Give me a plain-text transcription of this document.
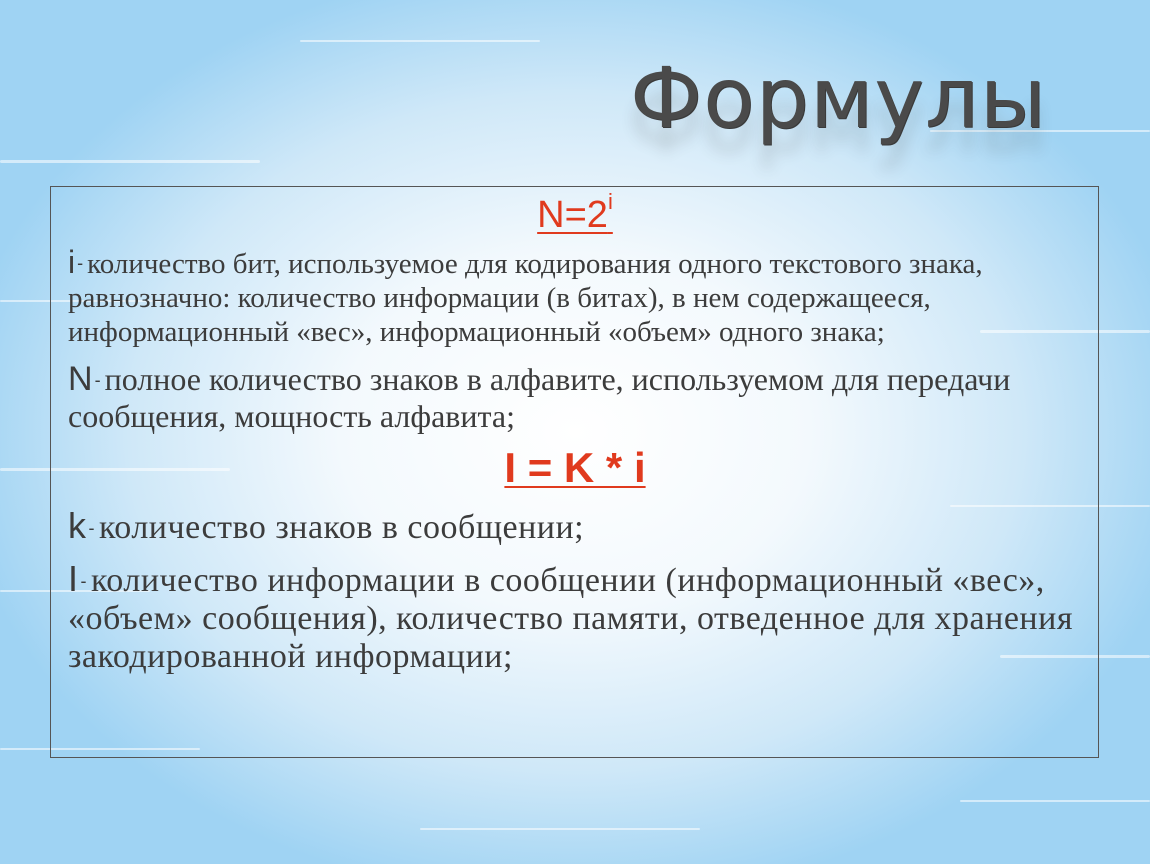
Формулы

$N=2^i$

i - количество бит, используемое для кодирования одного текстового знака, равнозначно: количество информации (в битах), в нем содержащееся, информационный «вес», информационный «объем» одного знака;

N - полное количество знаков в алфавите, используемом для передачи сообщения, мощность алфавита;

I = K * i

k - количество знаков в сообщении;

I - количество информации в сообщении (информационный «вес», «объем» сообщения), количество памяти, отведенное для хранения закодированной информации;
